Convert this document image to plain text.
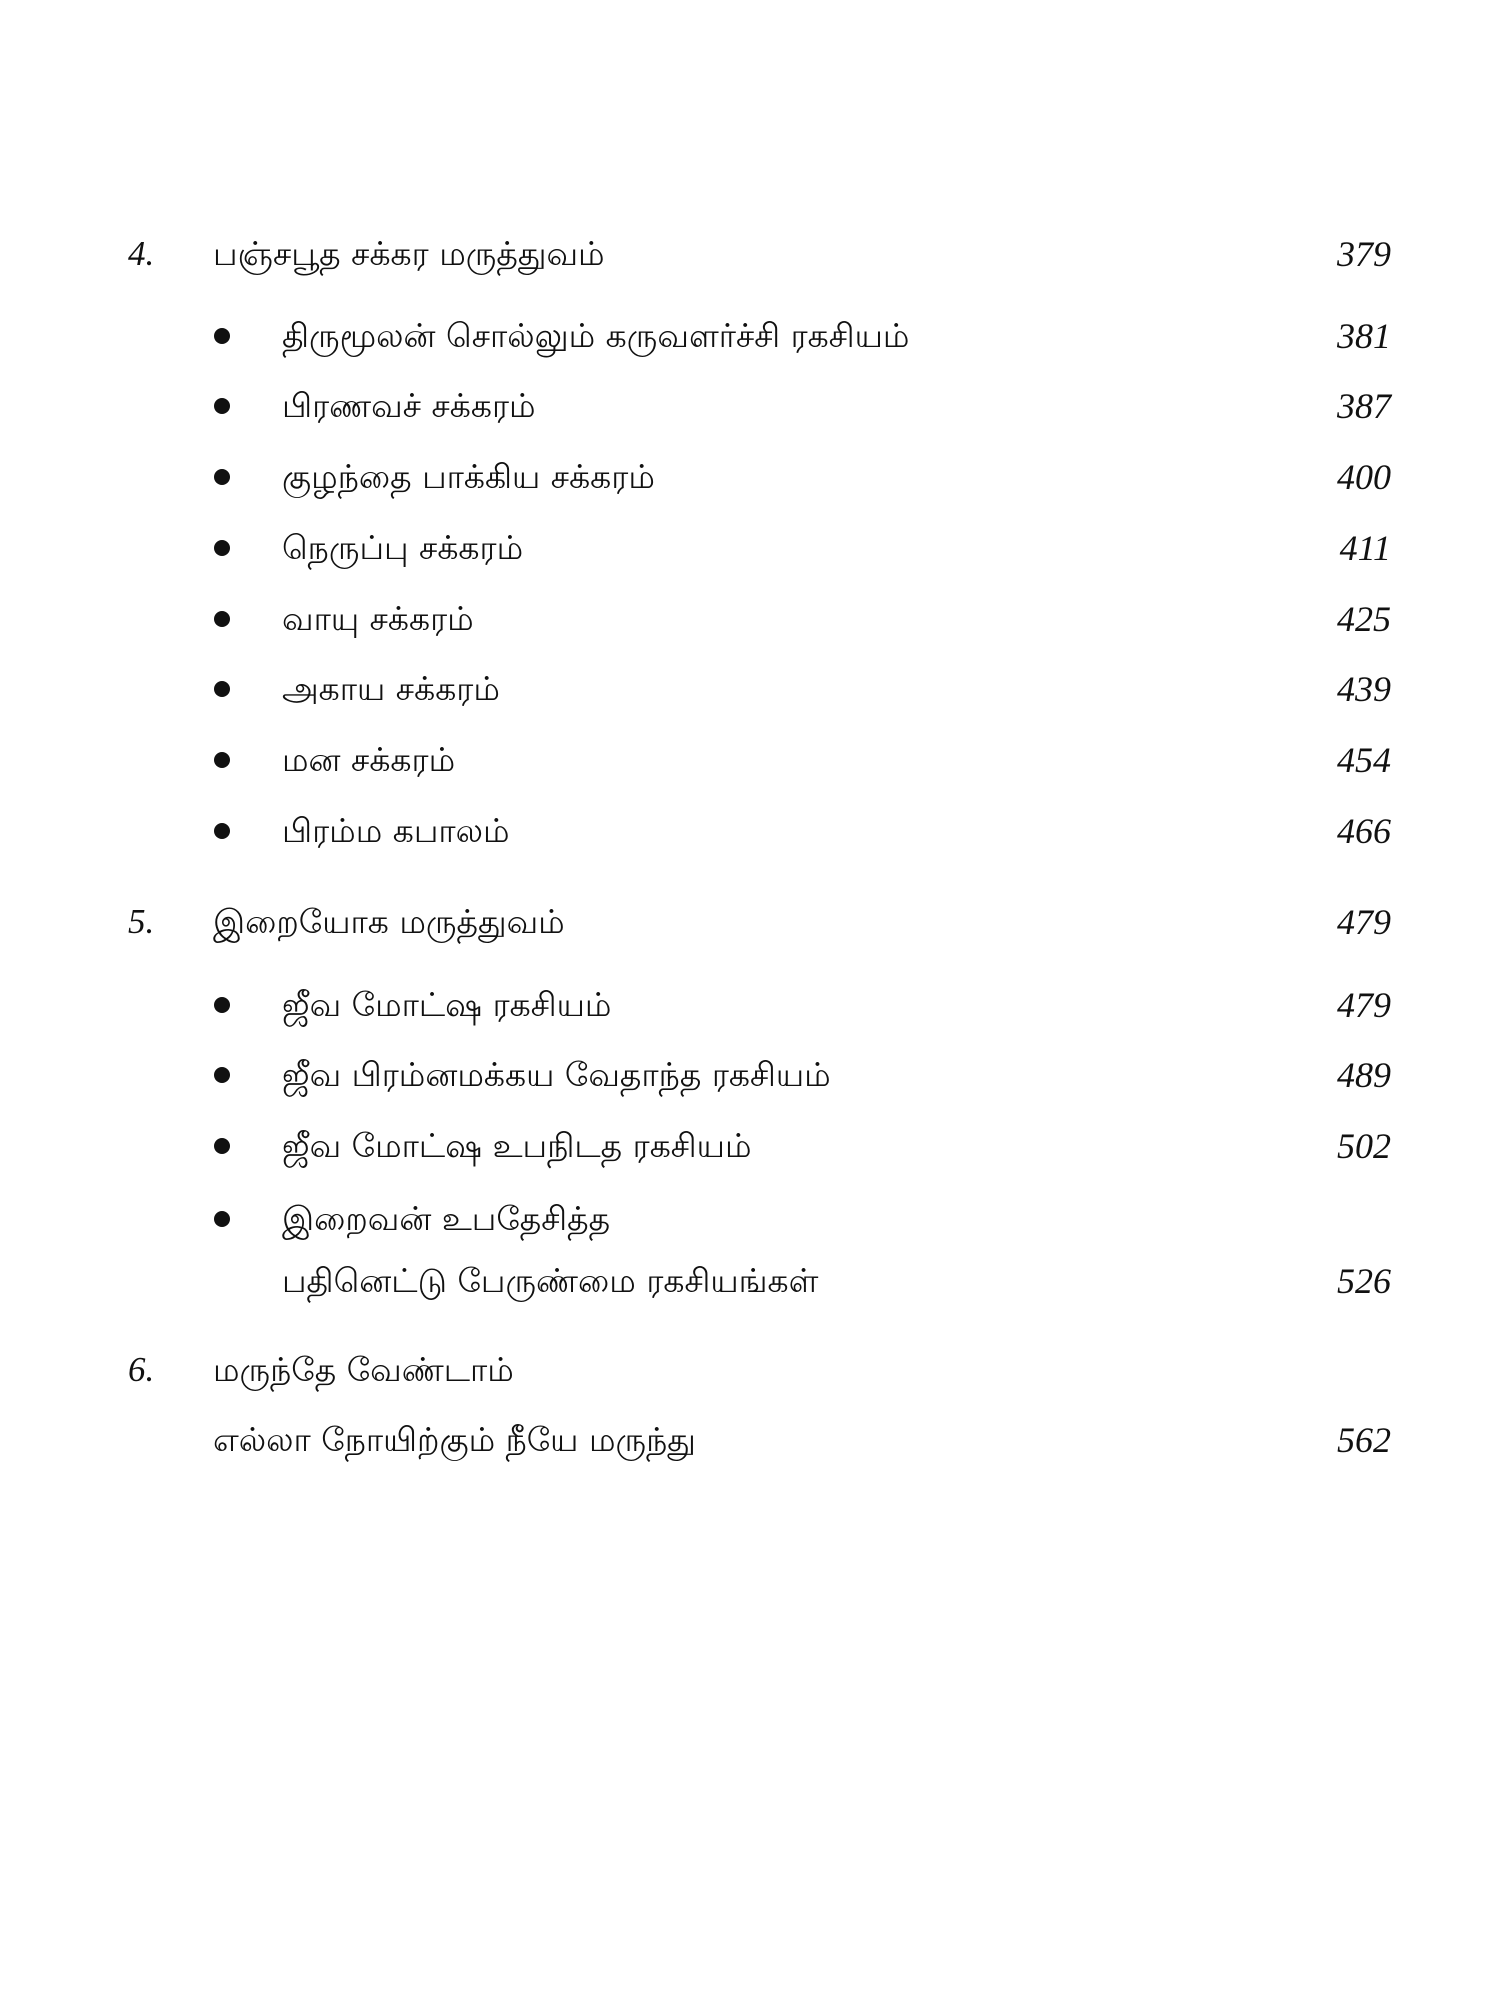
4. பஞ்சபூத சக்கர மருத்துவம்	379
திருமூலன் சொல்லும் கருவளர்ச்சி ரகசியம்	381
பிரணவச் சக்கரம்	387
குழந்தை பாக்கிய சக்கரம்	400
நெருப்பு சக்கரம்	411
வாயு சக்கரம்	425
அகாய சக்கரம்	439
மன சக்கரம்	454
பிரம்ம கபாலம்	466
5. இறையோக மருத்துவம்	479
ஜீவ மோட்ஷ ரகசியம்	479
ஜீவ பிரம்னமக்கய வேதாந்த ரகசியம்	489
ஜீவ மோட்ஷ உபநிடத ரகசியம்	502
இறைவன் உபதேசித்த
பதினெட்டு பேருண்மை ரகசியங்கள்	526
6. மருந்தே வேண்டாம்
எல்லா நோயிற்கும் நீயே மருந்து	562
